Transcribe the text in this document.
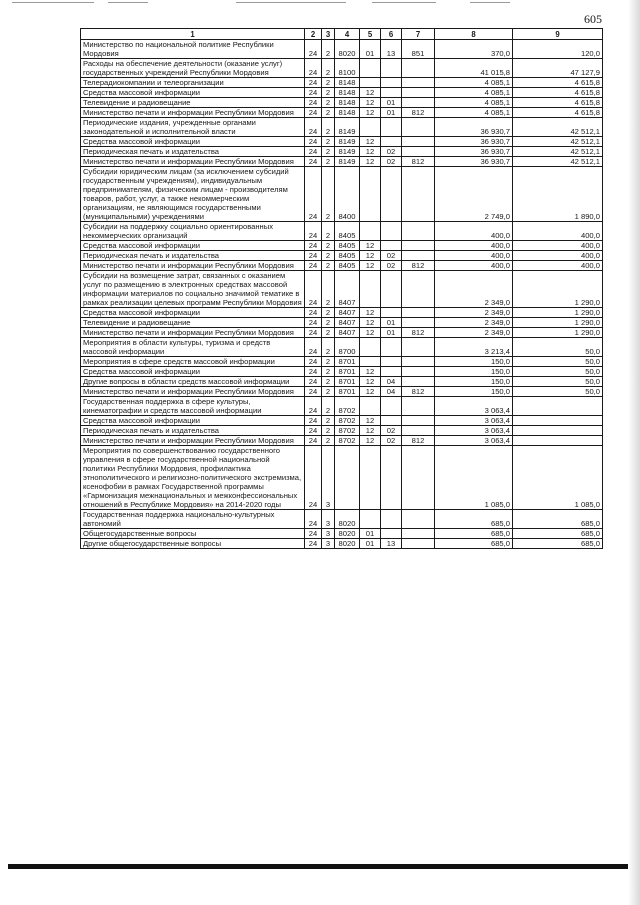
605
1	2	3	4	5	6	7	8	9
Министерство по национальной политике Республики Мордовия	24	2	8020	01	13	851	370,0	120,0
Расходы на обеспечение деятельности (оказание услуг) государственных учреждений Республики Мордовия	24	2	8100				41 015,8	47 127,9
Телерадиокомпании и телеорганизации	24	2	8148				4 085,1	4 615,8
Средства массовой информации	24	2	8148	12			4 085,1	4 615,8
Телевидение и радиовещание	24	2	8148	12	01		4 085,1	4 615,8
Министерство печати и информации Республики Мордовия	24	2	8148	12	01	812	4 085,1	4 615,8
Периодические издания, учрежденные органами законодательной и исполнительной власти	24	2	8149				36 930,7	42 512,1
Средства массовой информации	24	2	8149	12			36 930,7	42 512,1
Периодическая печать и издательства	24	2	8149	12	02		36 930,7	42 512,1
Министерство печати и информации Республики Мордовия	24	2	8149	12	02	812	36 930,7	42 512,1
Субсидии юридическим лицам (за исключением субсидий государственным учреждениям), индивидуальным предпринимателям, физическим лицам - производителям товаров, работ, услуг, а также некоммерческим организациям, не являющимся государственными (муниципальными) учреждениями	24	2	8400				2 749,0	1 890,0
Субсидии на поддержку социально ориентированных некоммерческих организаций	24	2	8405				400,0	400,0
Средства массовой информации	24	2	8405	12			400,0	400,0
Периодическая печать и издательства	24	2	8405	12	02		400,0	400,0
Министерство печати и информации Республики Мордовия	24	2	8405	12	02	812	400,0	400,0
Субсидии на возмещение затрат, связанных с оказанием услуг по размещению в электронных средствах массовой информации материалов по социально значимой тематике в рамках реализации целевых программ Республики Мордовия	24	2	8407				2 349,0	1 290,0
Средства массовой информации	24	2	8407	12			2 349,0	1 290,0
Телевидение и радиовещание	24	2	8407	12	01		2 349,0	1 290,0
Министерство печати и информации Республики Мордовия	24	2	8407	12	01	812	2 349,0	1 290,0
Мероприятия в области культуры, туризма и средств массовой информации	24	2	8700				3 213,4	50,0
Мероприятия в сфере средств массовой информации	24	2	8701				150,0	50,0
Средства массовой информации	24	2	8701	12			150,0	50,0
Другие вопросы в области средств массовой информации	24	2	8701	12	04		150,0	50,0
Министерство печати и информации Республики Мордовия	24	2	8701	12	04	812	150,0	50,0
Государственная поддержка в сфере культуры, кинематографии и средств массовой информации	24	2	8702				3 063,4	
Средства массовой информации	24	2	8702	12			3 063,4	
Периодическая печать и издательства	24	2	8702	12	02		3 063,4	
Министерство печати и информации Республики Мордовия	24	2	8702	12	02	812	3 063,4	
Мероприятия по совершенствованию государственного управления в сфере государственной национальной политики Республики Мордовия, профилактика этнополитического и религиозно-политического экстремизма, ксенофобии в рамках Государственной программы «Гармонизация межнациональных и межконфессиональных отношений в Республике Мордовия» на 2014-2020 годы	24	3					1 085,0	1 085,0
Государственная поддержка национально-культурных автономий	24	3	8020				685,0	685,0
Общегосударственные вопросы	24	3	8020	01			685,0	685,0
Другие общегосударственные вопросы	24	3	8020	01	13		685,0	685,0
